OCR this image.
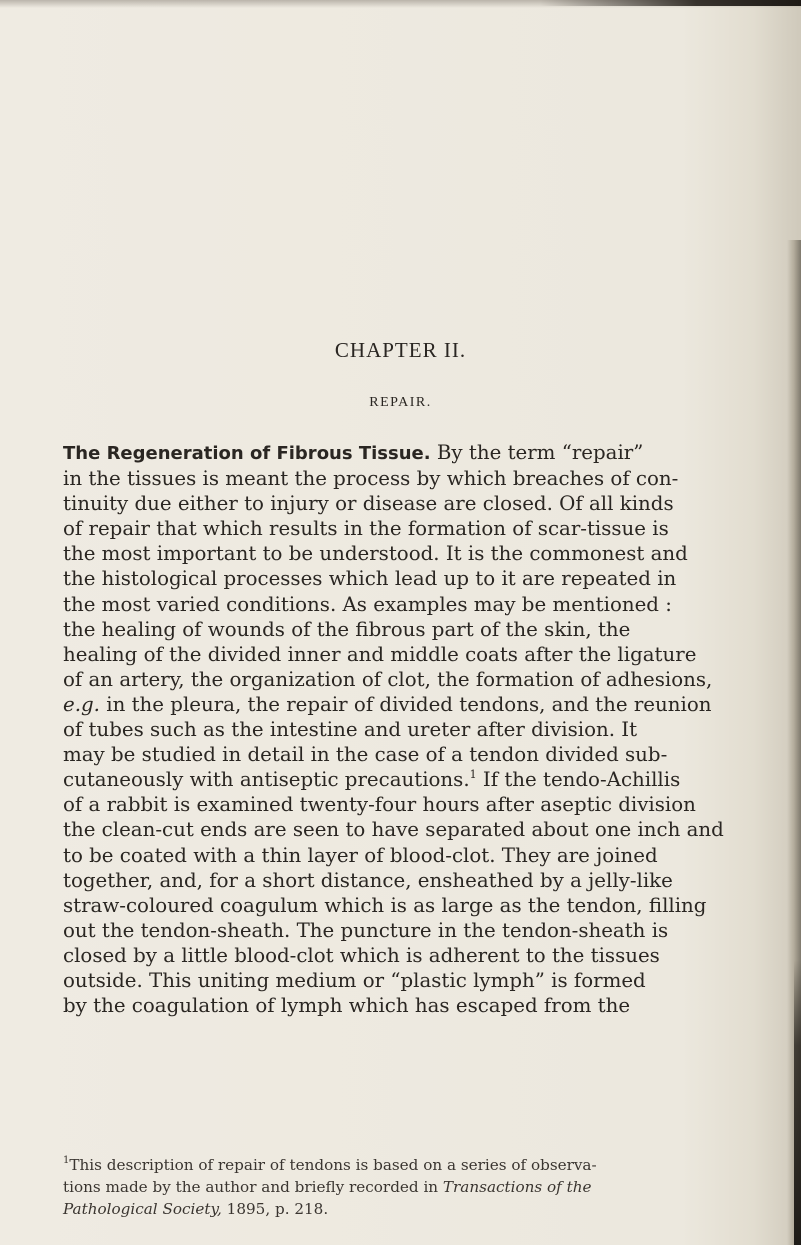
CHAPTER II.
REPAIR.
The Regeneration of Fibrous Tissue. By the term “repair”
in the tissues is meant the process by which breaches of con-
tinuity due either to injury or disease are closed. Of all kinds
of repair that which results in the formation of scar-tissue is
the most important to be understood. It is the commonest and
the histological processes which lead up to it are repeated in
the most varied conditions. As examples may be mentioned :
the healing of wounds of the fibrous part of the skin, the
healing of the divided inner and middle coats after the ligature
of an artery, the organization of clot, the formation of adhesions,
e.g. in the pleura, the repair of divided tendons, and the reunion
of tubes such as the intestine and ureter after division. It
may be studied in detail in the case of a tendon divided sub-
cutaneously with antiseptic precautions.$^1$ If the tendo-Achillis
of a rabbit is examined twenty-four hours after aseptic division
the clean-cut ends are seen to have separated about one inch and
to be coated with a thin layer of blood-clot. They are joined
together, and, for a short distance, ensheathed by a jelly-like
straw-coloured coagulum which is as large as the tendon, filling
out the tendon-sheath. The puncture in the tendon-sheath is
closed by a little blood-clot which is adherent to the tissues
outside. This uniting medium or “plastic lymph” is formed
by the coagulation of lymph which has escaped from the
$^1$This description of repair of tendons is based on a series of observa-
tions made by the author and briefly recorded in Transactions of the
Pathological Society, 1895, p. 218.
